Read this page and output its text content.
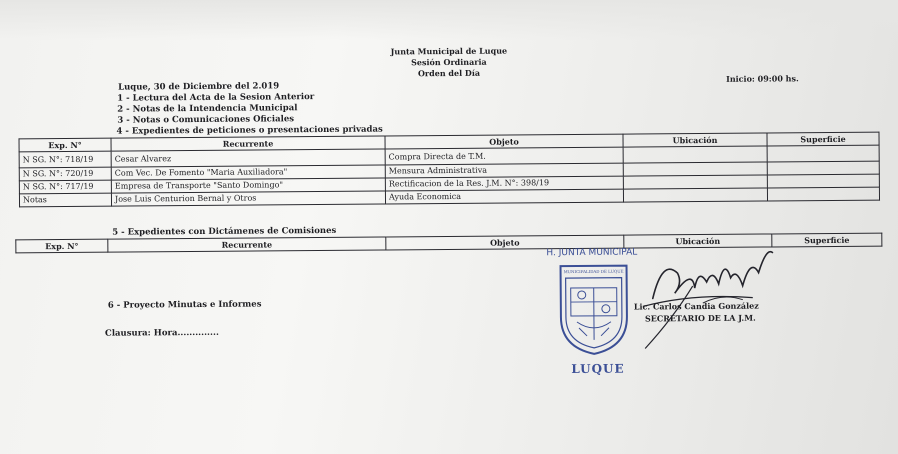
Junta Municipal de Luque
Sesión Ordinaria
Orden del Día
Luque, 30 de Diciembre del 2.019
Inicio: 09:00 hs.
1 - Lectura del Acta de la Sesion Anterior
2 - Notas de la Intendencia Municipal
3 - Notas o Comunicaciones Oficiales
4 - Expedientes de peticiones o presentaciones privadas
Exp. N°	Recurrente	Objeto	Ubicación	Superficie
N SG. N°: 718/19	Cesar Alvarez	Compra Directa de T.M.		
N SG. N°: 720/19	Com Vec. De Fomento "Maria Auxiliadora"	Mensura Administrativa		
N SG. N°: 717/19	Empresa de Transporte "Santo Domingo"	Rectificacion de la Res. J.M. N°: 398/19		
Notas	Jose Luis Centurion Bernal y Otros	Ayuda Economica		
5 - Expedientes con Dictámenes de Comisiones
Exp. N°	Recurrente	Objeto	Ubicación	Superficie
6 - Proyecto Minutas e Informes
Clausura: Hora..............
H. JUNTA MUNICIPAL
MUNICIPALIDAD DE LUQUE
LUQUE
Lic. Carlos Candia González
SECRETARIO DE LA J.M.
